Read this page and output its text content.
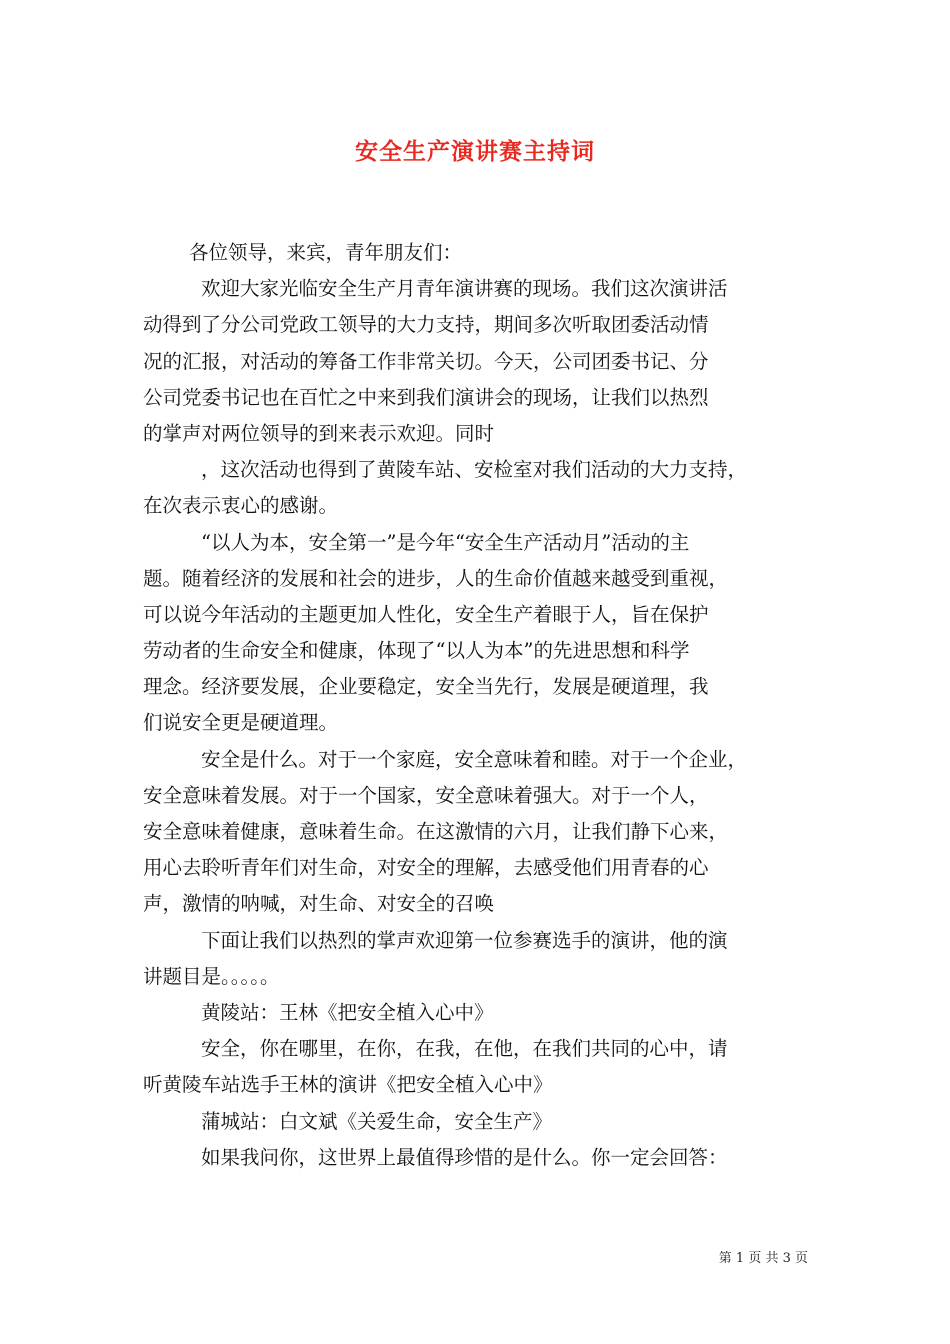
安全生产演讲赛主持词
各位领导，来宾，青年朋友们：
欢迎大家光临安全生产月青年演讲赛的现场。我们这次演讲活
动得到了分公司党政工领导的大力支持，期间多次听取团委活动情
况的汇报，对活动的筹备工作非常关切。今天，公司团委书记、分
公司党委书记也在百忙之中来到我们演讲会的现场，让我们以热烈
的掌声对两位领导的到来表示欢迎。同时
，这次活动也得到了黄陵车站、安检室对我们活动的大力支持，
在次表示衷心的感谢。
“以人为本，安全第一”是今年“安全生产活动月”活动的主
题。随着经济的发展和社会的进步，人的生命价值越来越受到重视，
可以说今年活动的主题更加人性化，安全生产着眼于人，旨在保护
劳动者的生命安全和健康，体现了“以人为本”的先进思想和科学
理念。经济要发展，企业要稳定，安全当先行，发展是硬道理，我
们说安全更是硬道理。
安全是什么。对于一个家庭，安全意味着和睦。对于一个企业，
安全意味着发展。对于一个国家，安全意味着强大。对于一个人，
安全意味着健康，意味着生命。在这激情的六月，让我们静下心来，
用心去聆听青年们对生命，对安全的理解，去感受他们用青春的心
声，激情的呐喊，对生命、对安全的召唤
下面让我们以热烈的掌声欢迎第一位参赛选手的演讲，他的演
讲题目是。。。。。
黄陵站：王林《把安全植入心中》
安全，你在哪里，在你，在我，在他，在我们共同的心中，请
听黄陵车站选手王林的演讲《把安全植入心中》
蒲城站：白文斌《关爱生命，安全生产》
如果我问你，这世界上最值得珍惜的是什么。你一定会回答：
第 1 页 共 3 页
